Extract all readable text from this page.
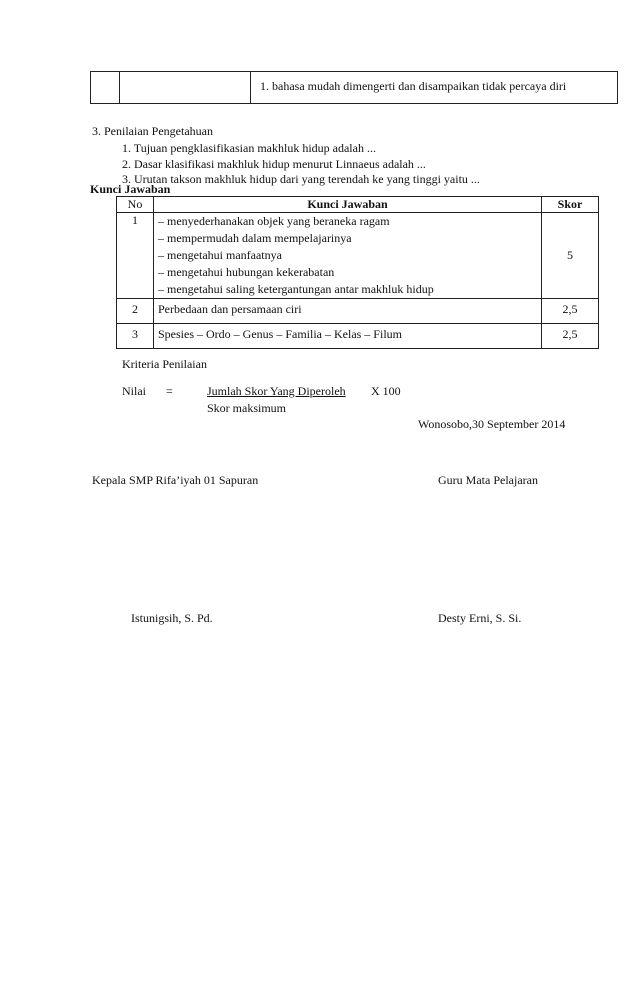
1. bahasa mudah dimengerti dan disampaikan tidak percaya diri
3. Penilaian Pengetahuan
1. Tujuan pengklasifikasian makhluk hidup adalah ...
2. Dasar klasifikasi makhluk hidup menurut Linnaeus adalah ...
3. Urutan takson makhluk hidup dari yang terendah ke yang tinggi yaitu ...
Kunci Jawaban
No	Kunci Jawaban	Skor
1	– menyederhanakan objek yang beraneka ragam
– mempermudah dalam mempelajarinya
– mengetahui manfaatnya
– mengetahui hubungan kekerabatan
– mengetahui saling ketergantungan antar makhluk hidup	5
2	Perbedaan dan persamaan ciri	2,5
3	Spesies – Ordo – Genus – Familia – Kelas – Filum	2,5
Kriteria Penilaian
Nilai =	Jumlah Skor Yang Diperoleh X 100
Skor maksimum
Wonosobo,30 September 2014
Kepala SMP Rifa’iyah 01 Sapuran	Guru Mata Pelajaran
Istunigsih, S. Pd.	Desty Erni, S. Si.
